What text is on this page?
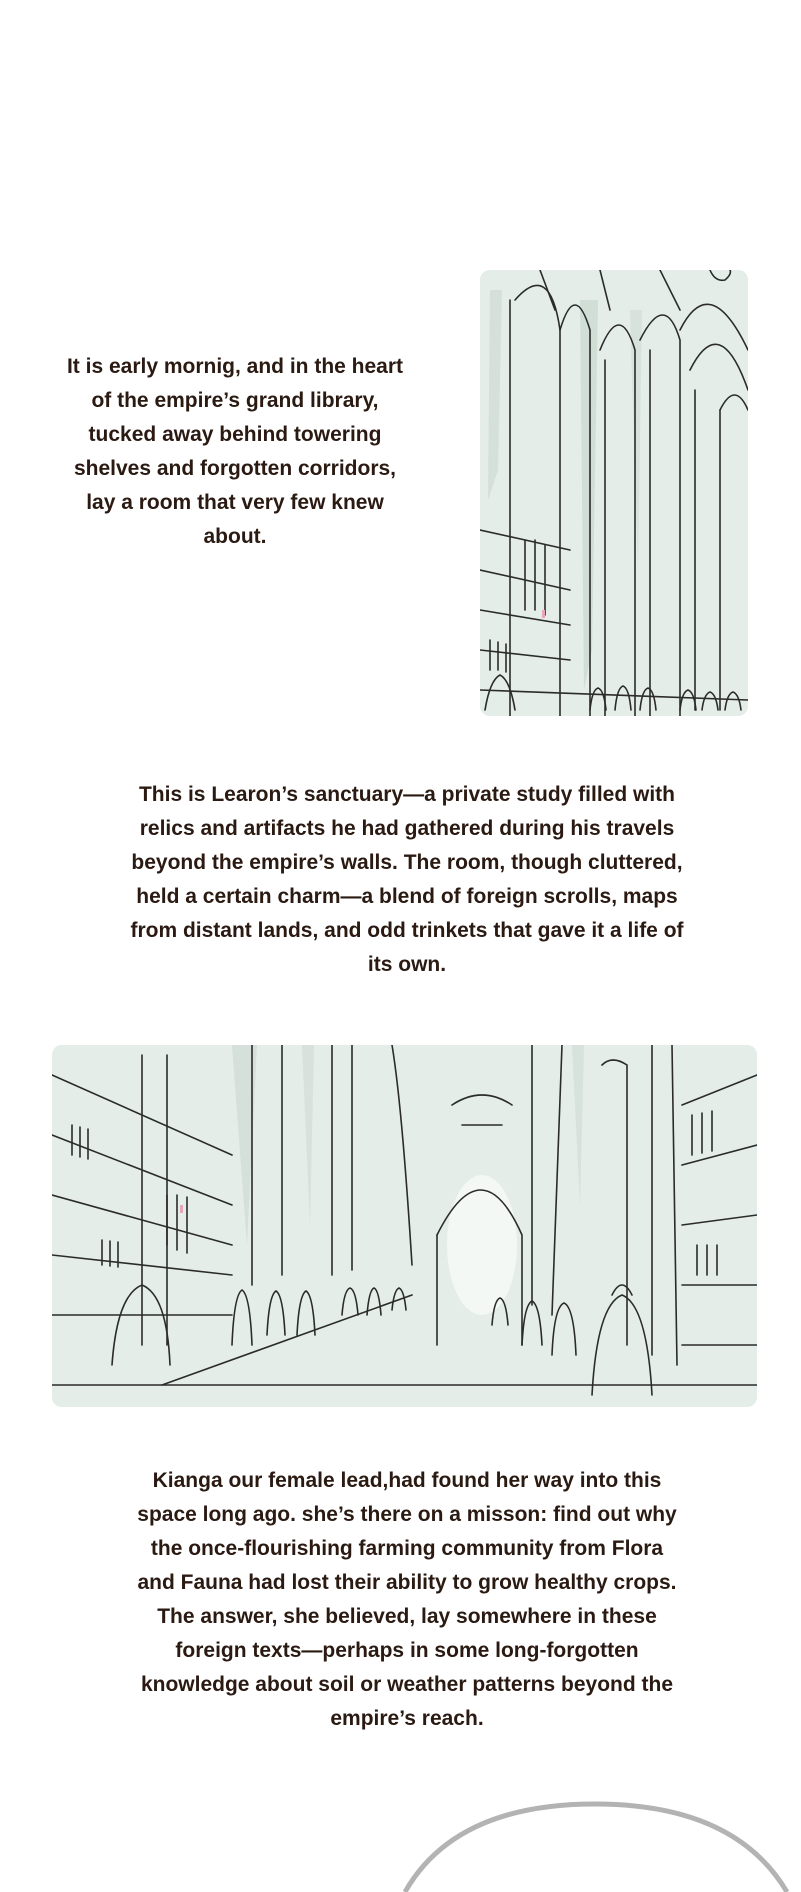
It is early mornig, and in the heart of the empire’s grand library, tucked away behind towering shelves and forgotten corridors, lay a room that very few knew about.

This is Learon’s sanctuary—a private study filled with relics and artifacts he had gathered during his travels beyond the empire’s walls. The room, though cluttered, held a certain charm—a blend of foreign scrolls, maps from distant lands, and odd trinkets that gave it a life of its own.

Kianga our female lead,had found her way into this space long ago. she’s there on a misson: find out why the once-flourishing farming community from Flora and Fauna had lost their ability to grow healthy crops. The answer, she believed, lay somewhere in these foreign texts—perhaps in some long-forgotten knowledge about soil or weather patterns beyond the empire’s reach.
